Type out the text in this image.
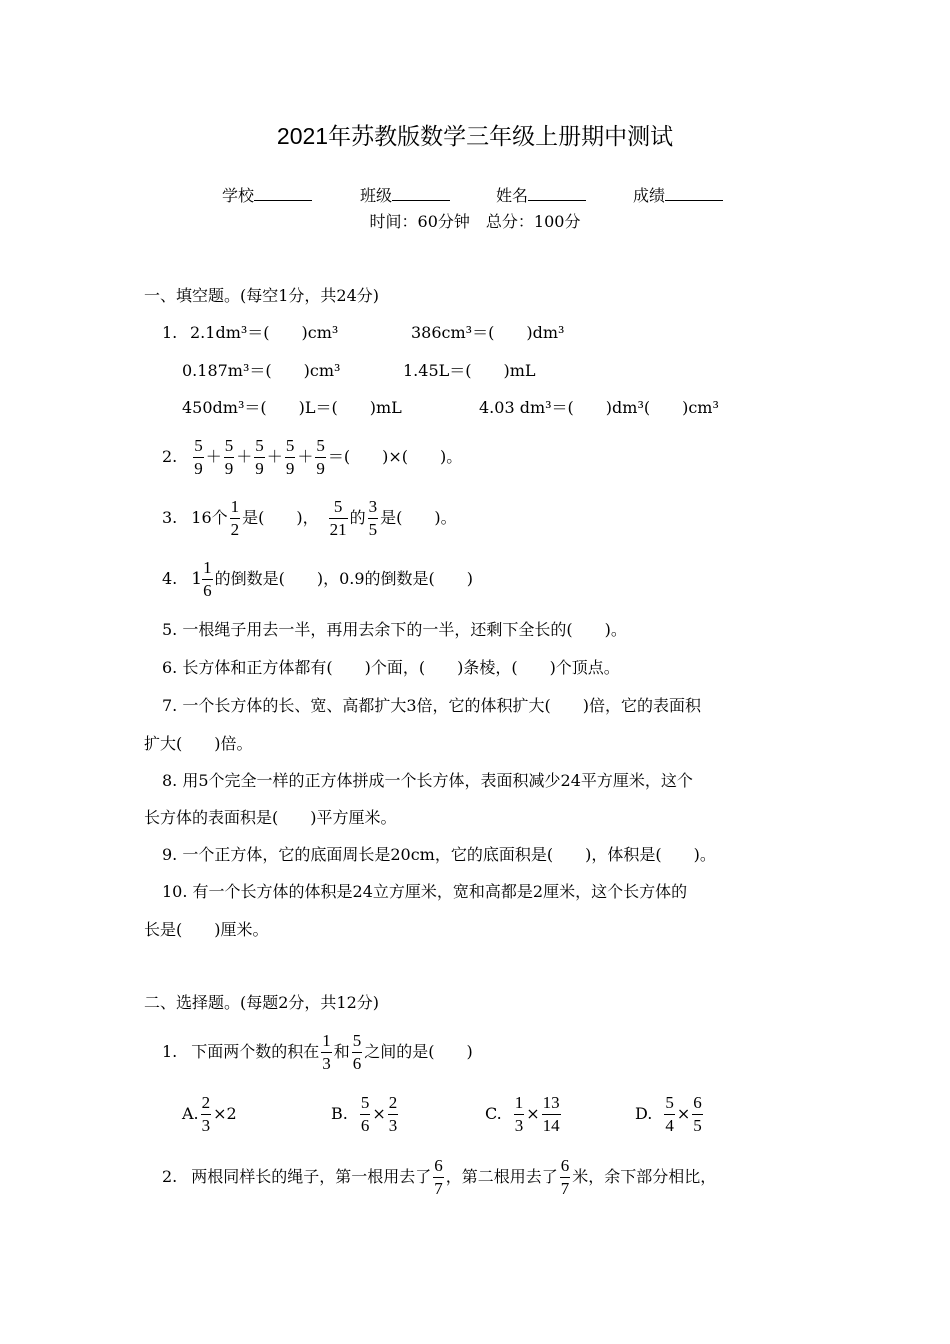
2021年苏教版数学三年级上册期中测试
学校	班级	姓名	成绩
时间：60分钟　总分：100分
一、填空题。(每空1分，共24分)
1. 2.1dm³＝(　　)cm³	386cm³＝(　　)dm³
0.187m³＝(　　)cm³	1.45L＝(　　)mL
450dm³＝(　　)L＝(　　)mL	4.03 dm³＝(　　)dm³(　　)cm³
2. $\frac{5}{9} + \frac{5}{9} + \frac{5}{9} + \frac{5}{9} + \frac{5}{9}$ ＝(　　)×(　　)。
3. 16个 $\frac{1}{2}$ 是(　　)， $\frac{5}{21}$ 的 $\frac{3}{5}$ 是(　　)。
4. $1 \frac{1}{6}$ 的倒数是(　　)，0.9的倒数是(　　)
5. 一根绳子用去一半，再用去余下的一半，还剩下全长的(　　)。
6. 长方体和正方体都有(　　)个面，(　　)条棱，(　　)个顶点。
7. 一个长方体的长、宽、高都扩大3倍，它的体积扩大(　　)倍，它的表面积
扩大(　　)倍。
8. 用5个完全一样的正方体拼成一个长方体，表面积减少24平方厘米，这个
长方体的表面积是(　　)平方厘米。
9. 一个正方体，它的底面周长是20cm，它的底面积是(　　)，体积是(　　)。
10. 有一个长方体的体积是24立方厘米，宽和高都是2厘米，这个长方体的
长是(　　)厘米。
二、选择题。(每题2分，共12分)
1. 下面两个数的积在 $\frac{1}{3}$ 和 $\frac{5}{6}$ 之间的是(　　)
A. $\frac{2}{3} \times 2$	B. $\frac{5}{6} \times \frac{2}{3}$	C. $\frac{1}{3} \times \frac{13}{14}$	D. $\frac{5}{4} \times \frac{6}{5}$
2. 两根同样长的绳子，第一根用去了 $\frac{6}{7}$ ，第二根用去了 $\frac{6}{7}$ 米，余下部分相比，
